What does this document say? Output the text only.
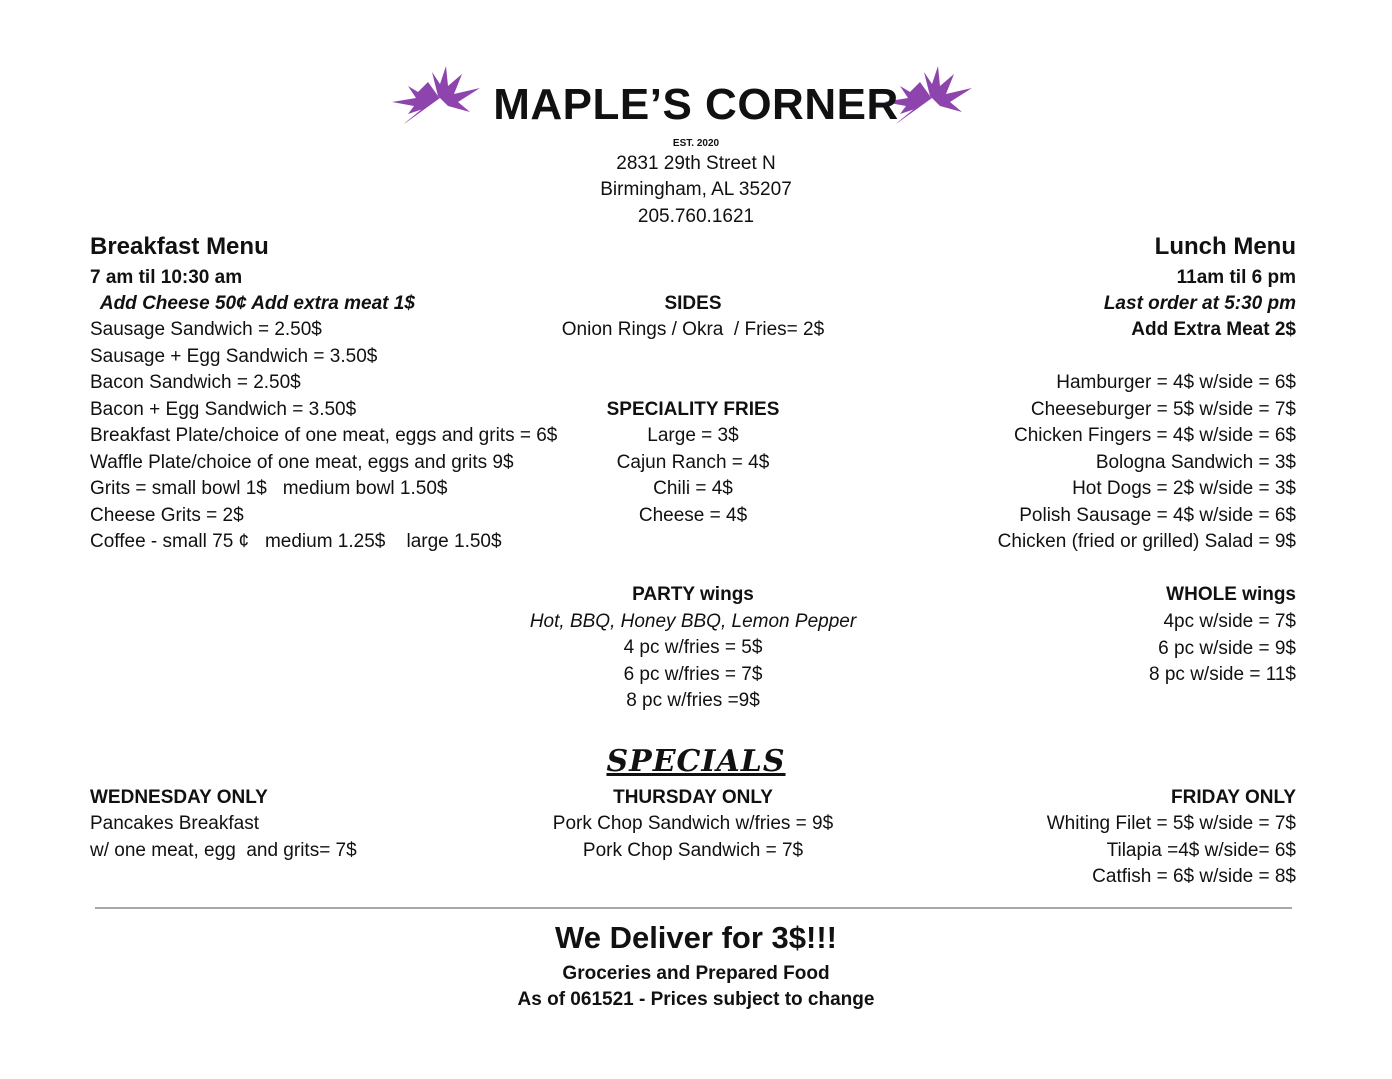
MAPLE’S CORNER
EST. 2020
2831 29th Street N
Birmingham, AL 35207
205.760.1621
Breakfast Menu
7 am til 10:30 am
Add Cheese 50¢ Add extra meat 1$
Sausage Sandwich = 2.50$
Sausage + Egg Sandwich = 3.50$
Bacon Sandwich = 2.50$
Bacon + Egg Sandwich = 3.50$
Breakfast Plate/choice of one meat, eggs and grits = 6$
Waffle Plate/choice of one meat, eggs and grits 9$
Grits = small bowl 1$   medium bowl 1.50$
Cheese Grits = 2$
Coffee - small 75 ¢   medium 1.25$    large 1.50$
SIDES
Onion Rings / Okra  / Fries= 2$
SPECIALITY FRIES
Large = 3$
Cajun Ranch = 4$
Chili = 4$
Cheese = 4$
PARTY wings
Hot, BBQ, Honey BBQ, Lemon Pepper
4 pc w/fries = 5$
6 pc w/fries = 7$
8 pc w/fries =9$
Lunch Menu
11am til 6 pm
Last order at 5:30 pm
Add Extra Meat 2$
Hamburger = 4$ w/side = 6$
Cheeseburger = 5$ w/side = 7$
Chicken Fingers = 4$ w/side = 6$
Bologna Sandwich = 3$
Hot Dogs = 2$ w/side = 3$
Polish Sausage = 4$ w/side = 6$
Chicken (fried or grilled) Salad = 9$
WHOLE wings
4pc w/side = 7$
6 pc w/side = 9$
8 pc w/side = 11$
SPECIALS
WEDNESDAY ONLY
Pancakes Breakfast
w/ one meat, egg  and grits= 7$
THURSDAY ONLY
Pork Chop Sandwich w/fries = 9$
Pork Chop Sandwich = 7$
FRIDAY ONLY
Whiting Filet = 5$ w/side = 7$
Tilapia =4$ w/side= 6$
Catfish = 6$ w/side = 8$
We Deliver for 3$!!!
Groceries and Prepared Food
As of 061521 - Prices subject to change
